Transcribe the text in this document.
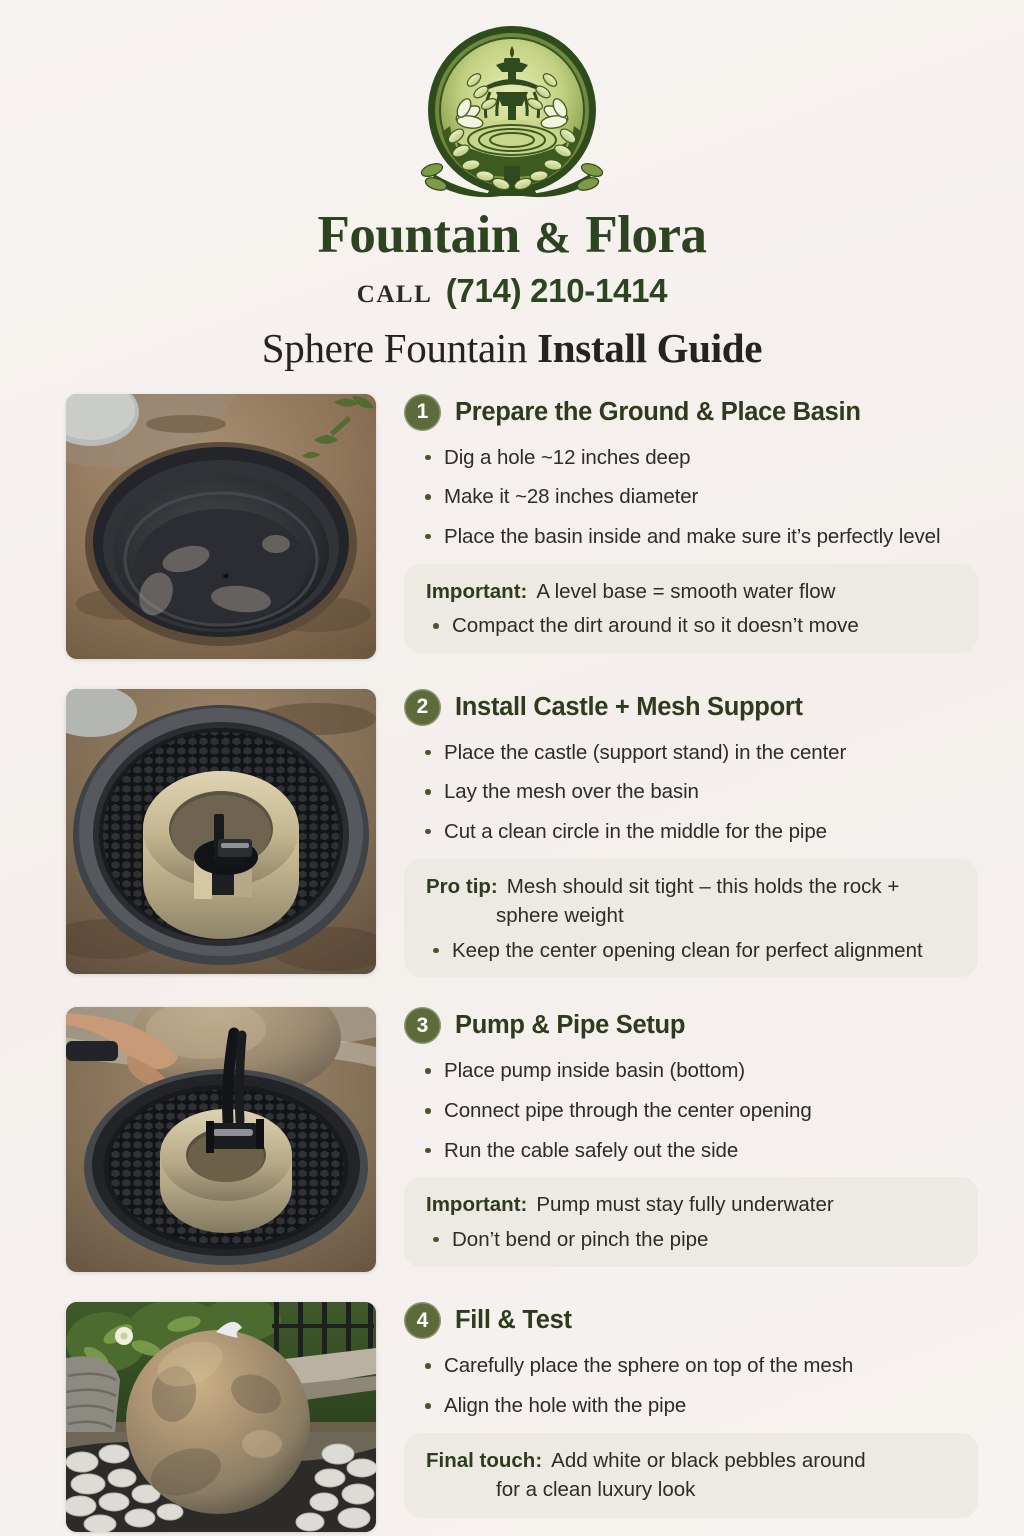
Fountain & Flora
CALL (714) 210-1414
Sphere Fountain Install Guide
1	Prepare the Ground & Place Basin
Dig a hole ~12 inches deep
Make it ~28 inches diameter
Place the basin inside and make sure it’s perfectly level
Important: A level base = smooth water flow
Compact the dirt around it so it doesn’t move
2	Install Castle + Mesh Support
Place the castle (support stand) in the center
Lay the mesh over the basin
Cut a clean circle in the middle for the pipe
Pro tip: Mesh should sit tight – this holds the rock +
sphere weight
Keep the center opening clean for perfect alignment
3	Pump & Pipe Setup
Place pump inside basin (bottom)
Connect pipe through the center opening
Run the cable safely out the side
Important: Pump must stay fully underwater
Don’t bend or pinch the pipe
4	Fill & Test
Carefully place the sphere on top of the mesh
Align the hole with the pipe
Final touch: Add white or black pebbles around
for a clean luxury look
